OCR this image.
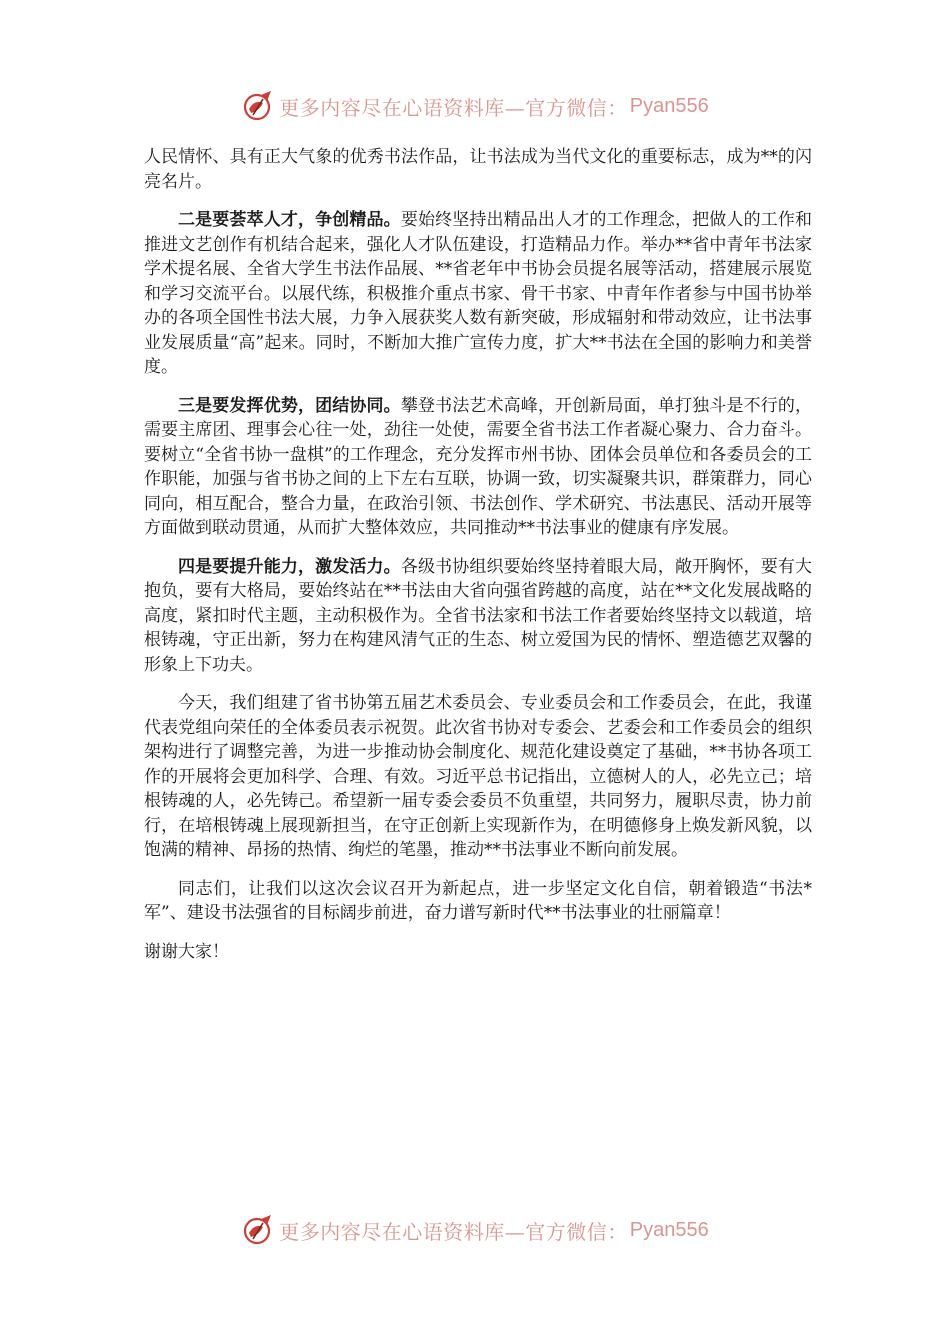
更多内容尽在心语资料库—官方微信： Pyan556

人民情怀、具有正大气象的优秀书法作品，让书法成为当代文化的重要标志，成为**的闪亮名片。

二是要荟萃人才，争创精品。要始终坚持出精品出人才的工作理念，把做人的工作和推进文艺创作有机结合起来，强化人才队伍建设，打造精品力作。举办**省中青年书法家学术提名展、全省大学生书法作品展、**省老年中书协会员提名展等活动，搭建展示展览和学习交流平台。以展代练，积极推介重点书家、骨干书家、中青年作者参与中国书协举办的各项全国性书法大展，力争入展获奖人数有新突破，形成辐射和带动效应，让书法事业发展质量“高”起来。同时，不断加大推广宣传力度，扩大**书法在全国的影响力和美誉度。

三是要发挥优势，团结协同。攀登书法艺术高峰，开创新局面，单打独斗是不行的，需要主席团、理事会心往一处，劲往一处使，需要全省书法工作者凝心聚力、合力奋斗。要树立“全省书协一盘棋”的工作理念，充分发挥市州书协、团体会员单位和各委员会的工作职能，加强与省书协之间的上下左右互联，协调一致，切实凝聚共识，群策群力，同心同向，相互配合，整合力量，在政治引领、书法创作、学术研究、书法惠民、活动开展等方面做到联动贯通，从而扩大整体效应，共同推动**书法事业的健康有序发展。

四是要提升能力，激发活力。各级书协组织要始终坚持着眼大局，敞开胸怀，要有大抱负，要有大格局，要始终站在**书法由大省向强省跨越的高度，站在**文化发展战略的高度，紧扣时代主题，主动积极作为。全省书法家和书法工作者要始终坚持文以载道，培根铸魂，守正出新，努力在构建风清气正的生态、树立爱国为民的情怀、塑造德艺双馨的形象上下功夫。

今天，我们组建了省书协第五届艺术委员会、专业委员会和工作委员会，在此，我谨代表党组向荣任的全体委员表示祝贺。此次省书协对专委会、艺委会和工作委员会的组织架构进行了调整完善，为进一步推动协会制度化、规范化建设奠定了基础，**书协各项工作的开展将会更加科学、合理、有效。习近平总书记指出，立德树人的人，必先立己；培根铸魂的人，必先铸己。希望新一届专委会委员不负重望，共同努力，履职尽责，协力前行，在培根铸魂上展现新担当，在守正创新上实现新作为，在明德修身上焕发新风貌，以饱满的精神、昂扬的热情、绚烂的笔墨，推动**书法事业不断向前发展。

同志们，让我们以这次会议召开为新起点，进一步坚定文化自信，朝着锻造“书法*军”、建设书法强省的目标阔步前进，奋力谱写新时代**书法事业的壮丽篇章！

谢谢大家！

更多内容尽在心语资料库—官方微信： Pyan556
